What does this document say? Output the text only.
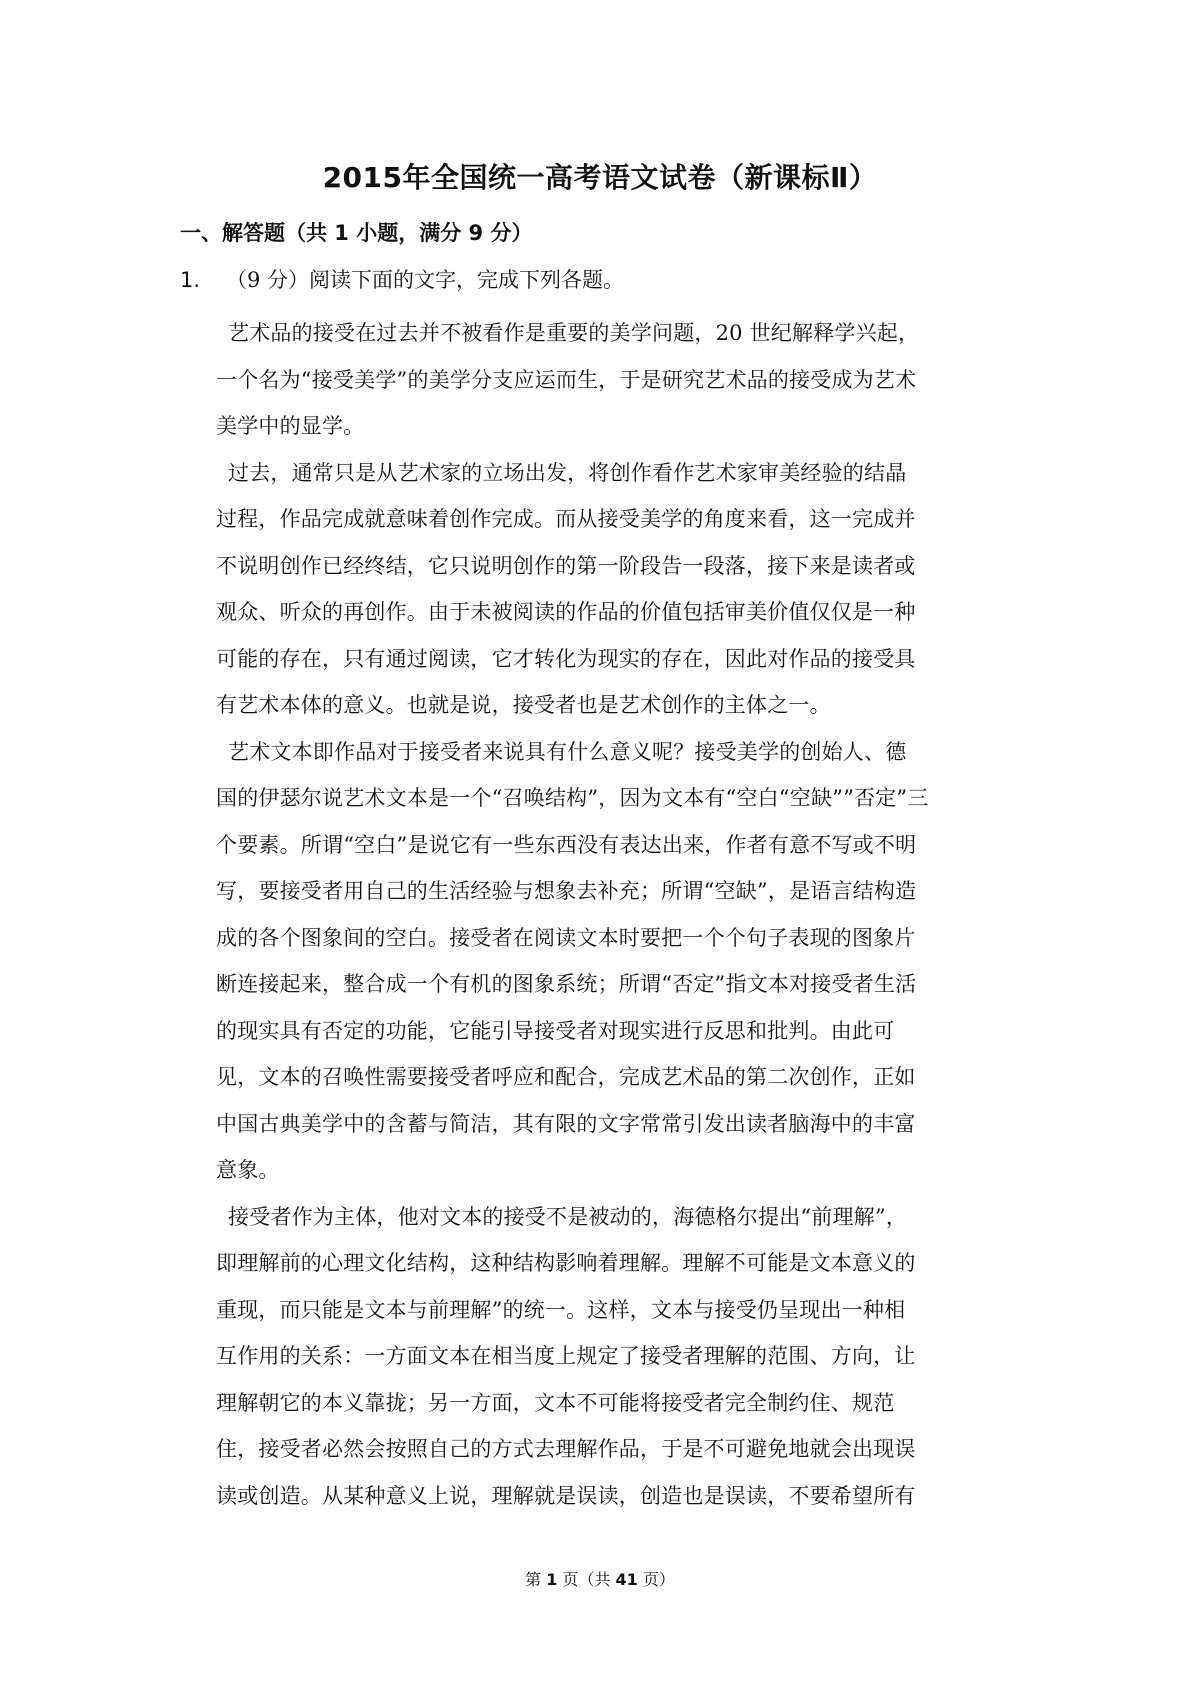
2015年全国统一高考语文试卷（新课标Ⅱ）
一、解答题（共 1 小题，满分 9 分）
1. （9 分）阅读下面的文字，完成下列各题。
艺术品的接受在过去并不被看作是重要的美学问题，20 世纪解释学兴起，
一个名为“接受美学”的美学分支应运而生，于是研究艺术品的接受成为艺术
美学中的显学。
过去，通常只是从艺术家的立场出发，将创作看作艺术家审美经验的结晶
过程，作品完成就意味着创作完成。而从接受美学的角度来看，这一完成并
不说明创作已经终结，它只说明创作的第一阶段告一段落，接下来是读者或
观众、听众的再创作。由于未被阅读的作品的价值包括审美价值仅仅是一种
可能的存在，只有通过阅读，它才转化为现实的存在，因此对作品的接受具
有艺术本体的意义。也就是说，接受者也是艺术创作的主体之一。
艺术文本即作品对于接受者来说具有什么意义呢？接受美学的创始人、德
国的伊瑟尔说艺术文本是一个“召唤结构”，因为文本有“空白“空缺””否定”三
个要素。所谓“空白”是说它有一些东西没有表达出来，作者有意不写或不明
写，要接受者用自己的生活经验与想象去补充；所谓“空缺”，是语言结构造
成的各个图象间的空白。接受者在阅读文本时要把一个个句子表现的图象片
断连接起来，整合成一个有机的图象系统；所谓“否定”指文本对接受者生活
的现实具有否定的功能，它能引导接受者对现实进行反思和批判。由此可
见，文本的召唤性需要接受者呼应和配合，完成艺术品的第二次创作，正如
中国古典美学中的含蓄与简洁，其有限的文字常常引发出读者脑海中的丰富
意象。
接受者作为主体，他对文本的接受不是被动的，海德格尔提出“前理解”，
即理解前的心理文化结构，这种结构影响着理解。理解不可能是文本意义的
重现，而只能是文本与前理解”的统一。这样，文本与接受仍呈现出一种相
互作用的关系：一方面文本在相当度上规定了接受者理解的范围、方向，让
理解朝它的本义靠拢；另一方面，文本不可能将接受者完全制约住、规范
住，接受者必然会按照自己的方式去理解作品，于是不可避免地就会出现误
读或创造。从某种意义上说，理解就是误读，创造也是误读，不要希望所有
第 1 页（共 41 页）
